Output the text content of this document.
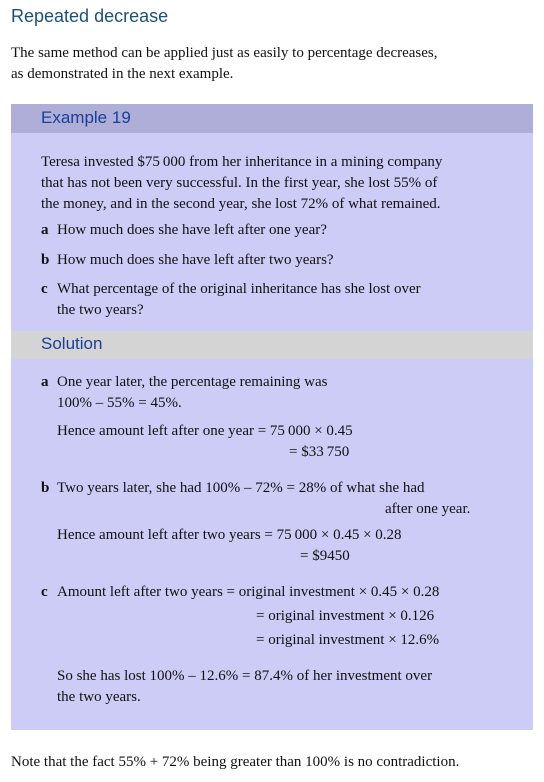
Repeated decrease
The same method can be applied just as easily to percentage decreases,
as demonstrated in the next example.
Example 19
Teresa invested $75 000 from her inheritance in a mining company
that has not been very successful. In the first year, she lost 55% of
the money, and in the second year, she lost 72% of what remained.
a How much does she have left after one year?
b How much does she have left after two years?
c What percentage of the original inheritance has she lost over
the two years?
Solution
a One year later, the percentage remaining was
100% – 55% = 45%.
Hence amount left after one year = 75 000 × 0.45
= $33 750
b Two years later, she had 100% – 72% = 28% of what she had
after one year.
Hence amount left after two years = 75 000 × 0.45 × 0.28
= $9450
c Amount left after two years = original investment × 0.45 × 0.28
= original investment × 0.126
= original investment × 12.6%
So she has lost 100% – 12.6% = 87.4% of her investment over
the two years.
Note that the fact 55% + 72% being greater than 100% is no contradiction.
